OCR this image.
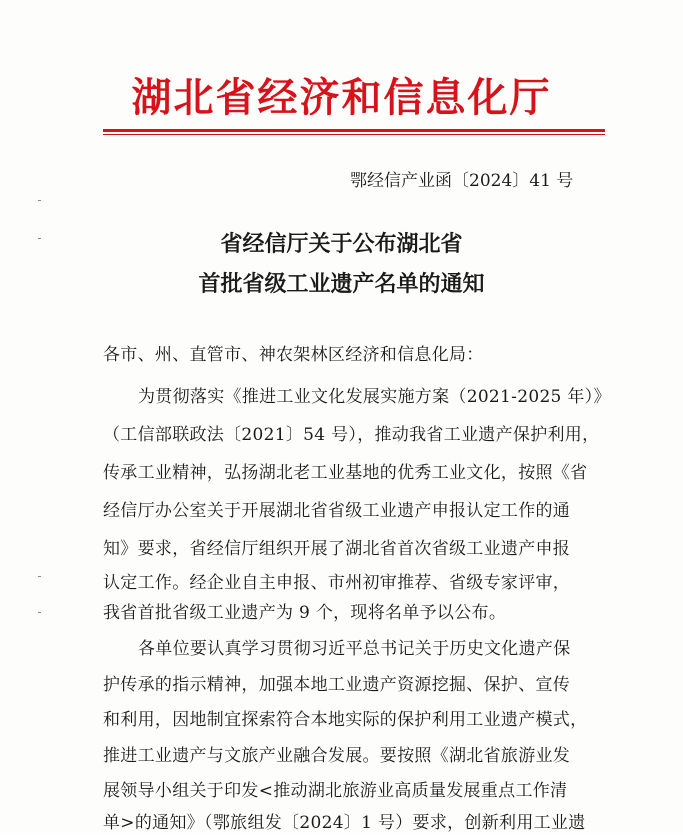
湖北省经济和信息化厅
鄂经信产业函〔2024〕41 号
省经信厅关于公布湖北省
首批省级工业遗产名单的通知
各市、州、直管市、神农架林区经济和信息化局：
为贯彻落实《推进工业文化发展实施方案（2021-2025 年）》
（工信部联政法〔2021〕54 号），推动我省工业遗产保护利用，
传承工业精神，弘扬湖北老工业基地的优秀工业文化，按照《省
经信厅办公室关于开展湖北省省级工业遗产申报认定工作的通
知》要求，省经信厅组织开展了湖北省首次省级工业遗产申报
认定工作。经企业自主申报、市州初审推荐、省级专家评审，
我省首批省级工业遗产为 9 个，现将名单予以公布。
各单位要认真学习贯彻习近平总书记关于历史文化遗产保
护传承的指示精神，加强本地工业遗产资源挖掘、保护、宣传
和利用，因地制宜探索符合本地实际的保护利用工业遗产模式，
推进工业遗产与文旅产业融合发展。要按照《湖北省旅游业发
展领导小组关于印发<推动湖北旅游业高质量发展重点工作清
单>的通知》（鄂旅组发〔2024〕1 号）要求，创新利用工业遗
